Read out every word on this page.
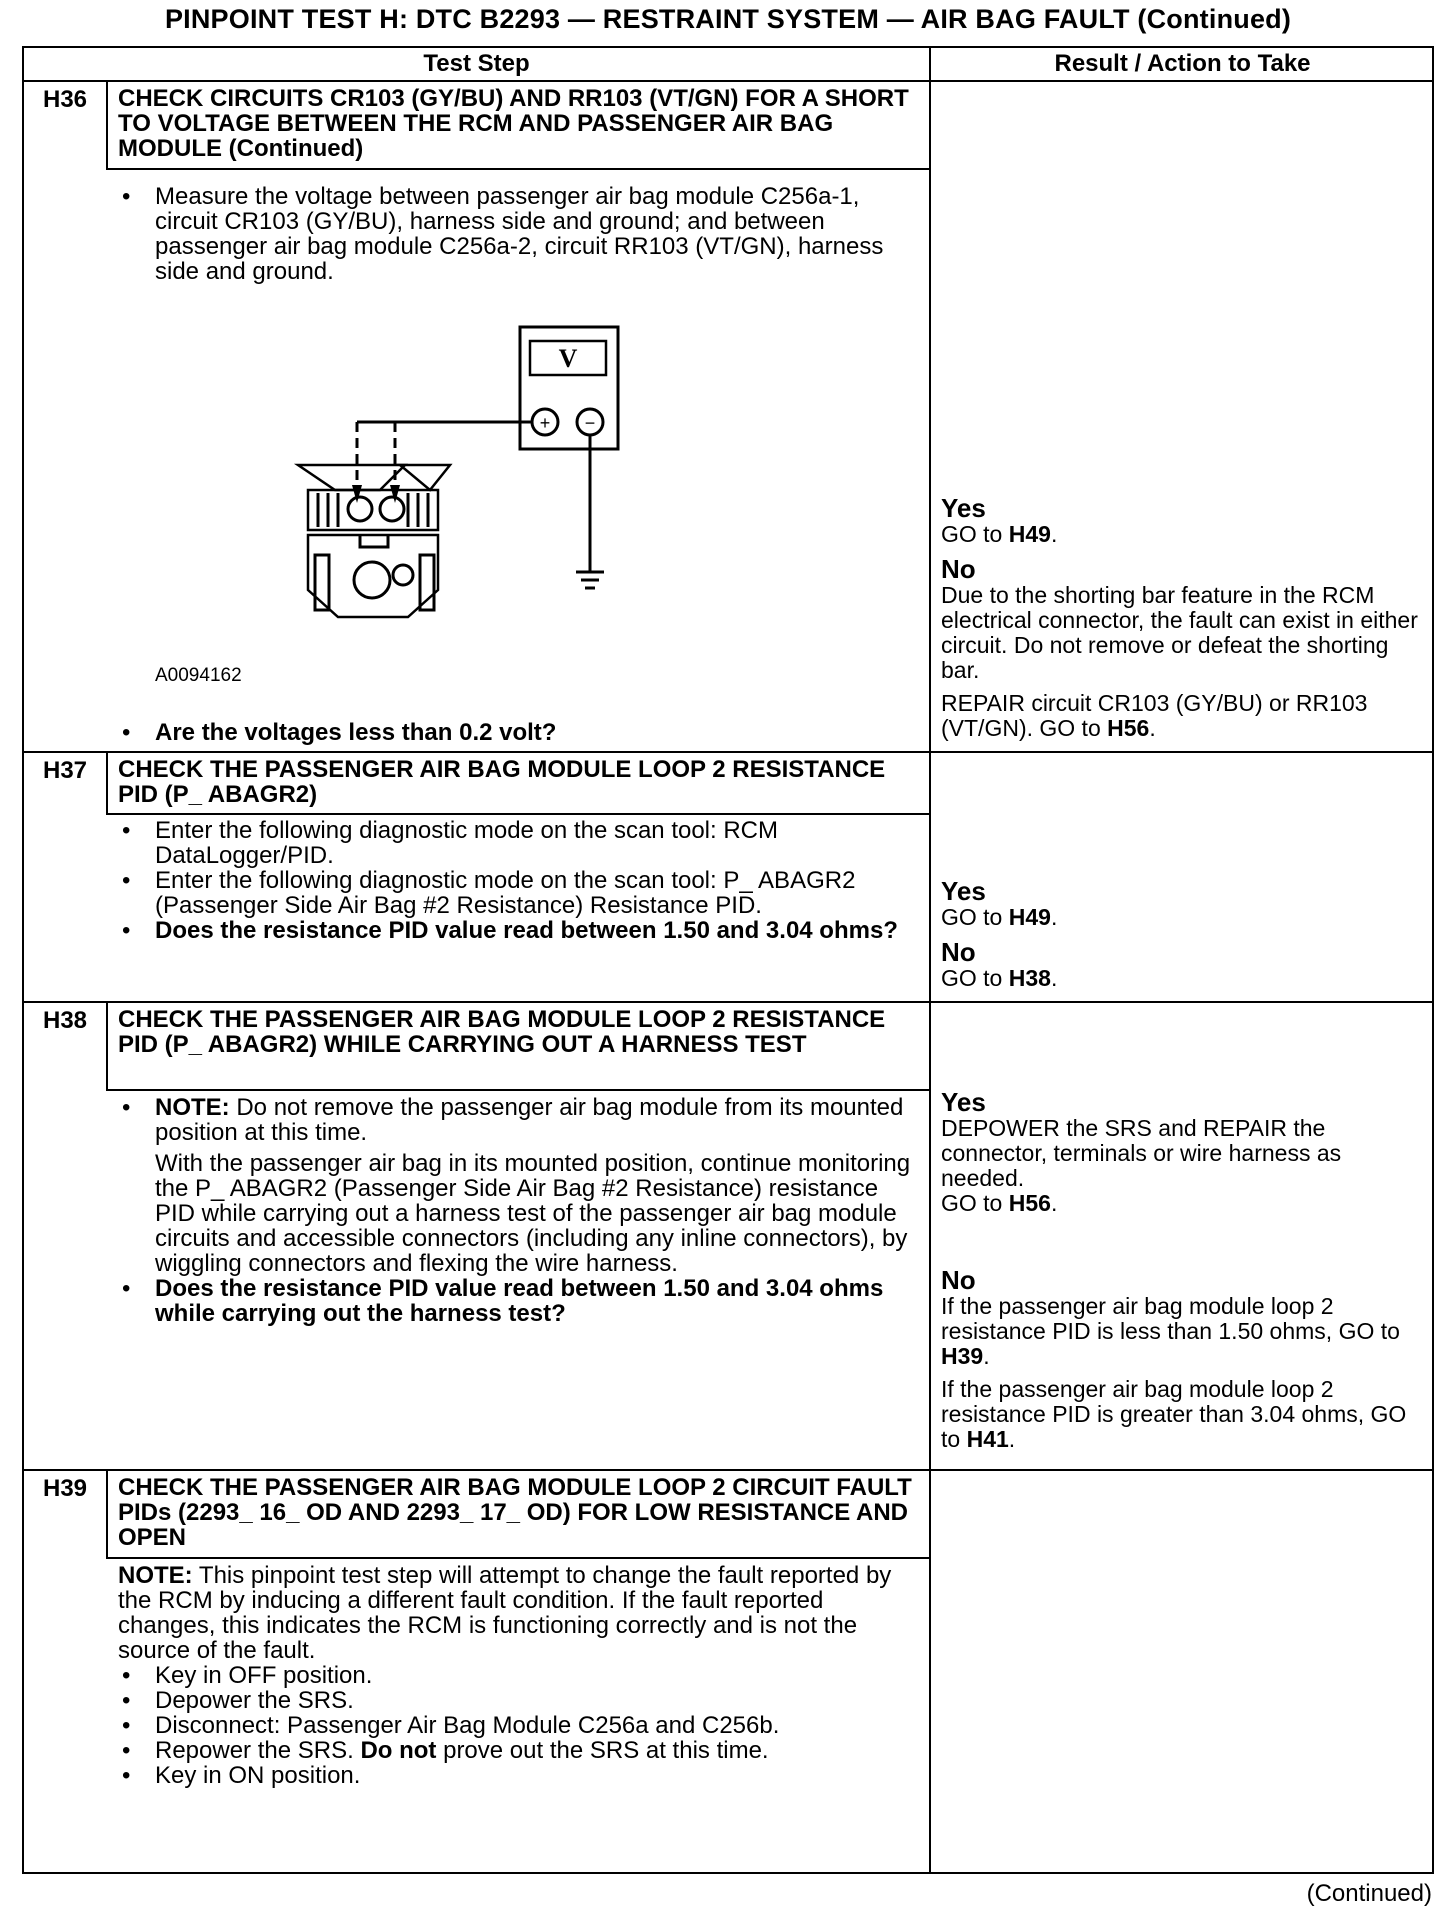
PINPOINT TEST H: DTC B2293 — RESTRAINT SYSTEM — AIR BAG FAULT (Continued)
Test Step	Result / Action to Take
H36	CHECK CIRCUITS CR103 (GY/BU) AND RR103 (VT/GN) FOR A SHORT TO VOLTAGE BETWEEN THE RCM AND PASSENGER AIR BAG MODULE (Continued)
• Measure the voltage between passenger air bag module C256a-1, circuit CR103 (GY/BU), harness side and ground; and between passenger air bag module C256a-2, circuit RR103 (VT/GN), harness side and ground.
V
+ −
A0094162
• Are the voltages less than 0.2 volt?
Yes

GO to H49.

No

Due to the shorting bar feature in the RCM electrical connector, the fault can exist in either circuit. Do not remove or defeat the shorting bar.

REPAIR circuit CR103 (GY/BU) or RR103 (VT/GN). GO to H56.

H37	CHECK THE PASSENGER AIR BAG MODULE LOOP 2 RESISTANCE PID (P_ ABAGR2)
• Enter the following diagnostic mode on the scan tool: RCM DataLogger/PID.
• Enter the following diagnostic mode on the scan tool: P_ ABAGR2 (Passenger Side Air Bag #2 Resistance) Resistance PID.
• Does the resistance PID value read between 1.50 and 3.04 ohms?
Yes

GO to H49.

No

GO to H38.

H38	CHECK THE PASSENGER AIR BAG MODULE LOOP 2 RESISTANCE PID (P_ ABAGR2) WHILE CARRYING OUT A HARNESS TEST
• NOTE: Do not remove the passenger air bag module from its mounted position at this time.

With the passenger air bag in its mounted position, continue monitoring the P_ ABAGR2 (Passenger Side Air Bag #2 Resistance) resistance PID while carrying out a harness test of the passenger air bag module circuits and accessible connectors (including any inline connectors), by wiggling connectors and flexing the wire harness.

• Does the resistance PID value read between 1.50 and 3.04 ohms while carrying out the harness test?
Yes

DEPOWER the SRS and REPAIR the connector, terminals or wire harness as needed.

GO to H56.

No

If the passenger air bag module loop 2 resistance PID is less than 1.50 ohms, GO to H39.

If the passenger air bag module loop 2 resistance PID is greater than 3.04 ohms, GO to H41.

H39	CHECK THE PASSENGER AIR BAG MODULE LOOP 2 CIRCUIT FAULT PIDs (2293_ 16_ OD AND 2293_ 17_ OD) FOR LOW RESISTANCE AND OPEN

NOTE: This pinpoint test step will attempt to change the fault reported by the RCM by inducing a different fault condition. If the fault reported changes, this indicates the RCM is functioning correctly and is not the source of the fault.

• Key in OFF position.
• Depower the SRS.
• Disconnect: Passenger Air Bag Module C256a and C256b.
• Repower the SRS. Do not prove out the SRS at this time.
• Key in ON position.
(Continued)
